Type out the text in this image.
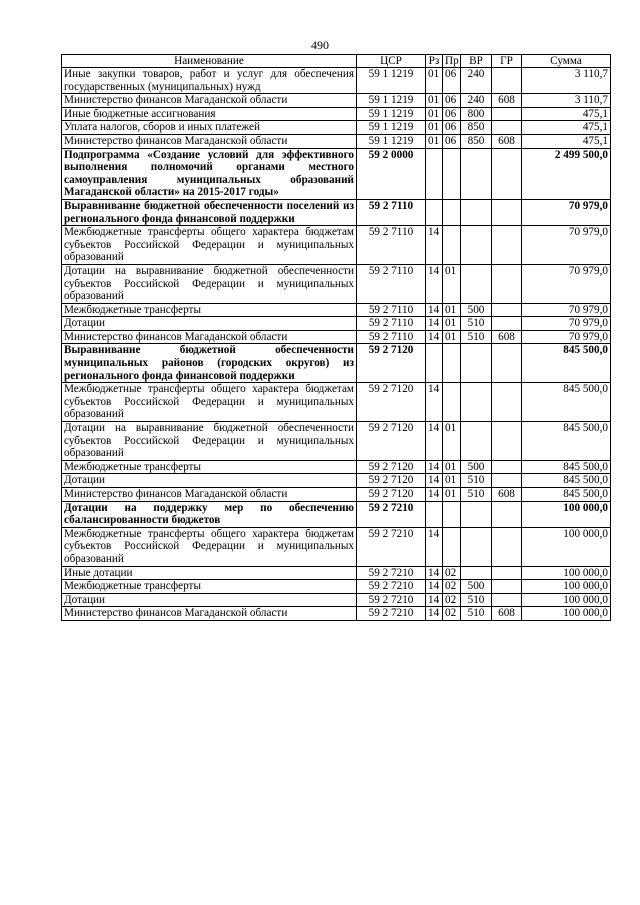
490
Наименование	ЦСР	Рз	Пр	ВР	ГР	Сумма
Иные закупки товаров, работ и услуг для обеспечения государственных (муниципальных) нужд	59 1 1219	01	06	240		3 110,7
Министерство финансов Магаданской области	59 1 1219	01	06	240	608	3 110,7
Иные бюджетные ассигнования	59 1 1219	01	06	800		475,1
Уплата налогов, сборов и иных платежей	59 1 1219	01	06	850		475,1
Министерство финансов Магаданской области	59 1 1219	01	06	850	608	475,1
Подпрограмма «Создание условий для эффективного выполнения полномочий органами местного самоуправления муниципальных образований Магаданской области» на 2015-2017 годы»	59 2 0000					2 499 500,0
Выравнивание бюджетной обеспеченности поселений из регионального фонда финансовой поддержки	59 2 7110					70 979,0
Межбюджетные трансферты общего характера бюджетам субъектов Российской Федерации и муниципальных образований	59 2 7110	14				70 979,0
Дотации на выравнивание бюджетной обеспеченности субъектов Российской Федерации и муниципальных образований	59 2 7110	14	01			70 979,0
Межбюджетные трансферты	59 2 7110	14	01	500		70 979,0
Дотации	59 2 7110	14	01	510		70 979,0
Министерство финансов Магаданской области	59 2 7110	14	01	510	608	70 979,0
Выравнивание бюджетной обеспеченности муниципальных районов (городских округов) из регионального фонда финансовой поддержки	59 2 7120					845 500,0
Межбюджетные трансферты общего характера бюджетам субъектов Российской Федерации и муниципальных образований	59 2 7120	14				845 500,0
Дотации на выравнивание бюджетной обеспеченности субъектов Российской Федерации и муниципальных образований	59 2 7120	14	01			845 500,0
Межбюджетные трансферты	59 2 7120	14	01	500		845 500,0
Дотации	59 2 7120	14	01	510		845 500,0
Министерство финансов Магаданской области	59 2 7120	14	01	510	608	845 500,0
Дотации на поддержку мер по обеспечению сбалансированности бюджетов	59 2 7210					100 000,0
Межбюджетные трансферты общего характера бюджетам субъектов Российской Федерации и муниципальных образований	59 2 7210	14				100 000,0
Иные дотации	59 2 7210	14	02			100 000,0
Межбюджетные трансферты	59 2 7210	14	02	500		100 000,0
Дотации	59 2 7210	14	02	510		100 000,0
Министерство финансов Магаданской области	59 2 7210	14	02	510	608	100 000,0
